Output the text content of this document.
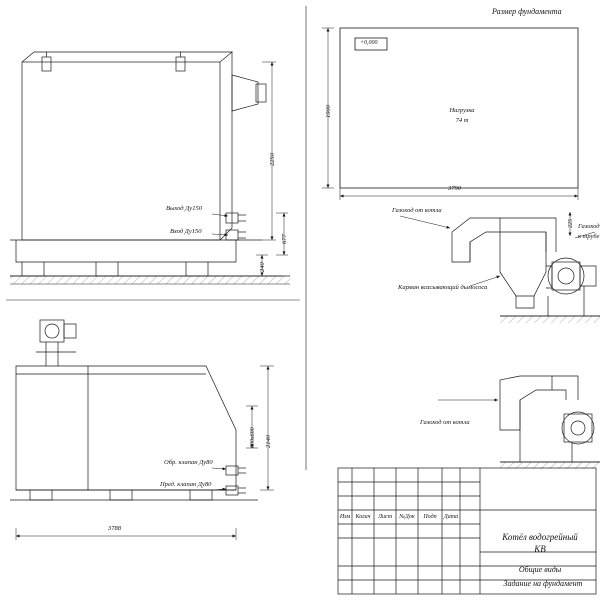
Размер фундамента
+0,000
Нагрузка
74 т
3790
1900
Выход Ду150
Вход Ду150
2250
677
240
Газоход от котла
Карман всасывающий дымососа
Газоход
к трубе
225
Газоход от котла
Обр. клапан Ду80
Пред. клапан Ду80
3788
2140
600x600
Изм Колич	Лист	№Док	Подп	Дата
Котёл водогрейный
КВ
Общие виды
Задание на фундамент
